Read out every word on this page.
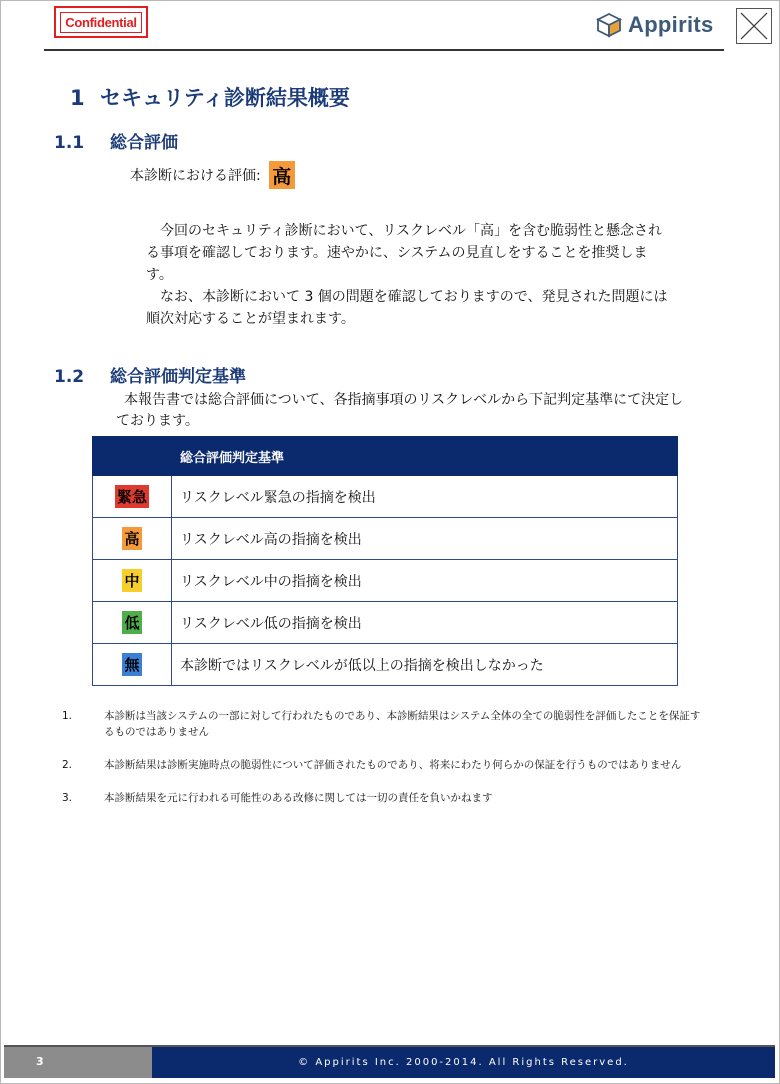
Confidential	Appirits
1 セキュリティ診断結果概要
1.1 総合評価
本診断における評価: 高

今回のセキュリティ診断において、リスクレベル「高」を含む脆弱性と懸念される事項を確認しております。速やかに、システムの見直しをすることを推奨します。

なお、本診断において 3 個の問題を確認しておりますので、発見された問題には順次対応することが望まれます。

1.2 総合評価判定基準
本報告書では総合評価について、各指摘事項のリスクレベルから下記判定基準にて決定しております。
	総合評価判定基準
緊急	リスクレベル緊急の指摘を検出
高	リスクレベル高の指摘を検出
中	リスクレベル中の指摘を検出
低	リスクレベル低の指摘を検出
無	本診断ではリスクレベルが低以上の指摘を検出しなかった
1.	本診断は当該システムの一部に対して行われたものであり、本診断結果はシステム全体の全ての脆弱性を評価したことを保証するものではありません
2.	本診断結果は診断実施時点の脆弱性について評価されたものであり、将来にわたり何らかの保証を行うものではありません
3.	本診断結果を元に行われる可能性のある改修に関しては一切の責任を負いかねます
3	© Appirits Inc. 2000-2014. All Rights Reserved.
